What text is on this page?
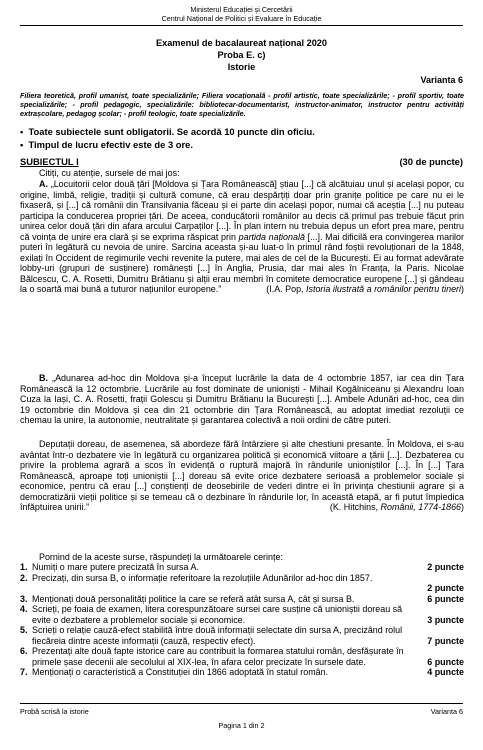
Ministerul Educației și Cercetării
Centrul Național de Politici și Evaluare în Educație
Examenul de bacalaureat național 2020
Proba E. c)
Istorie
Varianta 6
Filiera teoretică, profil umanist, toate specializările; Filiera vocațională - profil artistic, toate specializările; - profil sportiv, toate specializările; - profil pedagogic, specializările: bibliotecar-documentarist, instructor-animator, instructor pentru activități extrașcolare, pedagog școlar; - profil teologic, toate specializările.
•  Toate subiectele sunt obligatorii. Se acordă 10 puncte din oficiu.
•  Timpul de lucru efectiv este de 3 ore.
SUBIECTUL I	(30 de puncte)
Citiți, cu atenție, sursele de mai jos:
A. „Locuitorii celor două țări [Moldova și Țara Românească] știau [...] că alcătuiau unul și același popor, cu origine, limbă, religie, tradiții și cultură comune, că erau despărțiți doar prin granițe politice pe care nu ei le fixaseră, și [...] că românii din Transilvania făceau și ei parte din același popor, numai că aceștia [...] nu puteau participa la conducerea propriei țări. De aceea, conducătorii românilor au decis că primul pas trebuie făcut prin unirea celor două țări din afara arcului Carpaților [...]. În plan intern nu trebuia depus un efort prea mare, pentru că voința de unire era clară și se exprima răspicat prin partida națională [...]. Mai dificilă era convingerea marilor puteri în legătură cu nevoia de unire. Sarcina aceasta și-au luat-o în primul rând foștii revoluționari de la 1848, exilați în Occident de regimurile vechi revenite la putere, mai ales de cel de la București. Ei au format adevărate lobby-uri (grupuri de susținere) românești [...] în Anglia, Prusia, dar mai ales în Franța, la Paris. Nicolae Bălcescu, C. A. Rosetti, Dumitru Brătianu și alții erau membri în comitete democratice europene [...] și gândeau la o soartă mai bună a tuturor națiunilor europene.”	(I.A. Pop, Istoria ilustrată a românilor pentru tineri)
B. „Adunarea ad-hoc din Moldova și-a început lucrările la data de 4 octombrie 1857, iar cea din Țara Românească la 12 octombrie. Lucrările au fost dominate de unioniști - Mihail Kogălniceanu și Alexandru Ioan Cuza la Iași, C. A. Rosetti, frații Golescu și Dumitru Brătianu la București [...]. Ambele Adunări ad-hoc, cea din 19 octombrie din Moldova și cea din 21 octombrie din Țara Românească, au adoptat imediat rezoluții ce chemau la unire, la autonomie, neutralitate și garantarea colectivă a noii ordini de către puteri.
Deputații doreau, de asemenea, să abordeze fără întârziere și alte chestiuni presante. În Moldova, ei s-au avântat într-o dezbatere vie în legătură cu organizarea politică și economică viitoare a țării [...]. Dezbaterea cu privire la problema agrară a scos în evidență o ruptură majoră în rândurile unioniștilor [...]. În [...] Țara Românească, aproape toți unioniștii [...] doreau să evite orice dezbatere serioasă a problemelor sociale și economice, pentru că erau [...] conștienți de deosebirile de vederi dintre ei în privința chestiunii agrare și a democratizării vieții politice și se temeau că o dezbinare în rândurile lor, în această etapă, ar fi putut împiedica înfăptuirea unirii.”	(K. Hitchins, Românii, 1774-1866)
Pornind de la aceste surse, răspundeți la următoarele cerințe:
1. Numiți o mare putere precizată în sursa A.	2 puncte
2. Precizați, din sursa B, o informație referitoare la rezoluțiile Adunărilor ad-hoc din 1857.
2 puncte
3. Menționați două personalități politice la care se referă atât sursa A, cât și sursa B.	6 puncte
4. Scrieți, pe foaia de examen, litera corespunzătoare sursei care susține că unioniștii doreau să evite o dezbatere a problemelor sociale și economice.	3 puncte
5. Scrieți o relație cauză-efect stabilită între două informații selectate din sursa A, precizând rolul fiecăreia dintre aceste informații (cauză, respectiv efect).	7 puncte
6. Prezentați alte două fapte istorice care au contribuit la formarea statului român, desfășurate în primele șase decenii ale secolului al XIX-lea, în afara celor precizate în sursele date.	6 puncte
7. Menționați o caracteristică a Constituției din 1866 adoptată în statul român.	4 puncte
Probă scrisă la istorie	Varianta 6
Pagina 1 din 2
